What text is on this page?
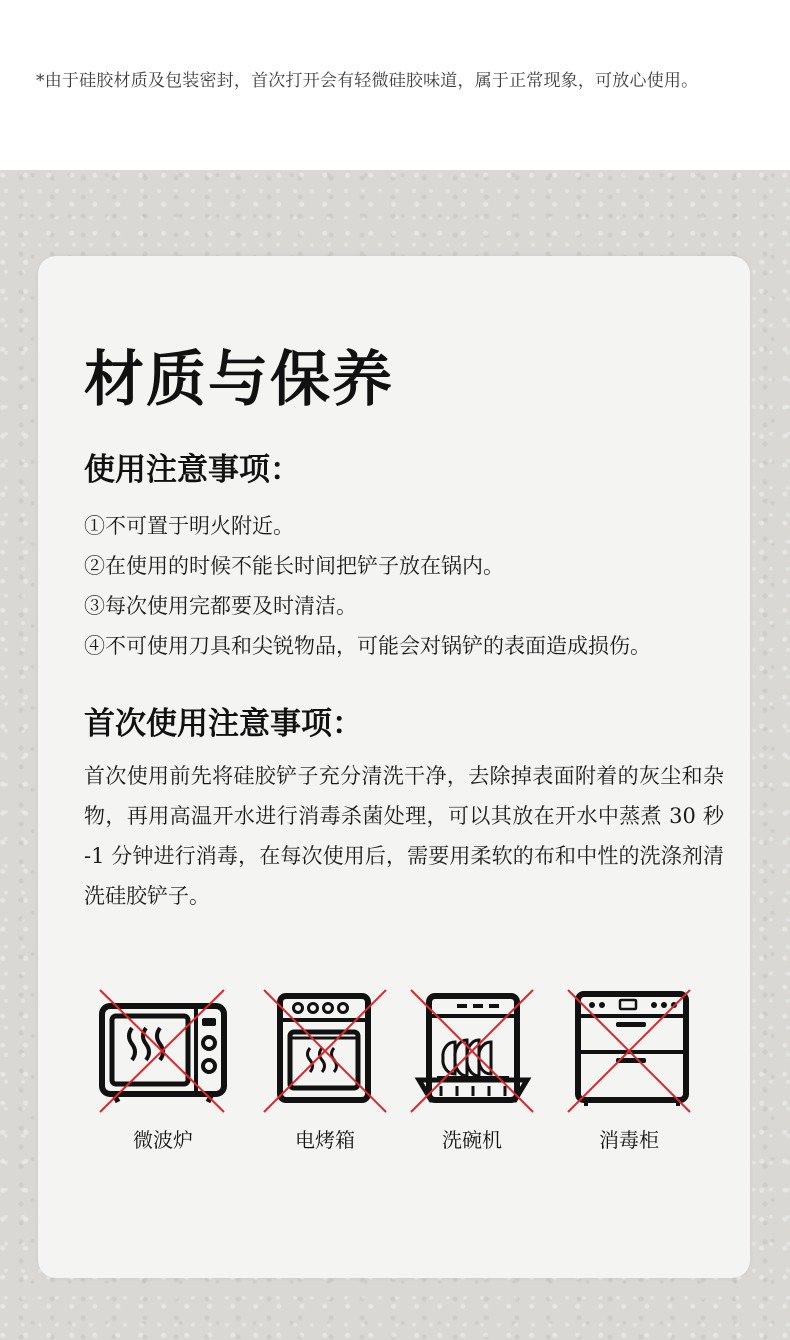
*由于硅胶材质及包装密封，首次打开会有轻微硅胶味道，属于正常现象，可放心使用。

材质与保养
使用注意事项：
①不可置于明火附近。
②在使用的时候不能长时间把铲子放在锅内。
③每次使用完都要及时清洁。
④不可使用刀具和尖锐物品，可能会对锅铲的表面造成损伤。
首次使用注意事项：

首次使用前先将硅胶铲子充分清洗干净，去除掉表面附着的灰尘和杂物，再用高温开水进行消毒杀菌处理，可以其放在开水中蒸煮 30 秒 -1 分钟进行消毒，在每次使用后，需要用柔软的布和中性的洗涤剂清洗硅胶铲子。

微波炉	电烤箱	洗碗机	消毒柜
